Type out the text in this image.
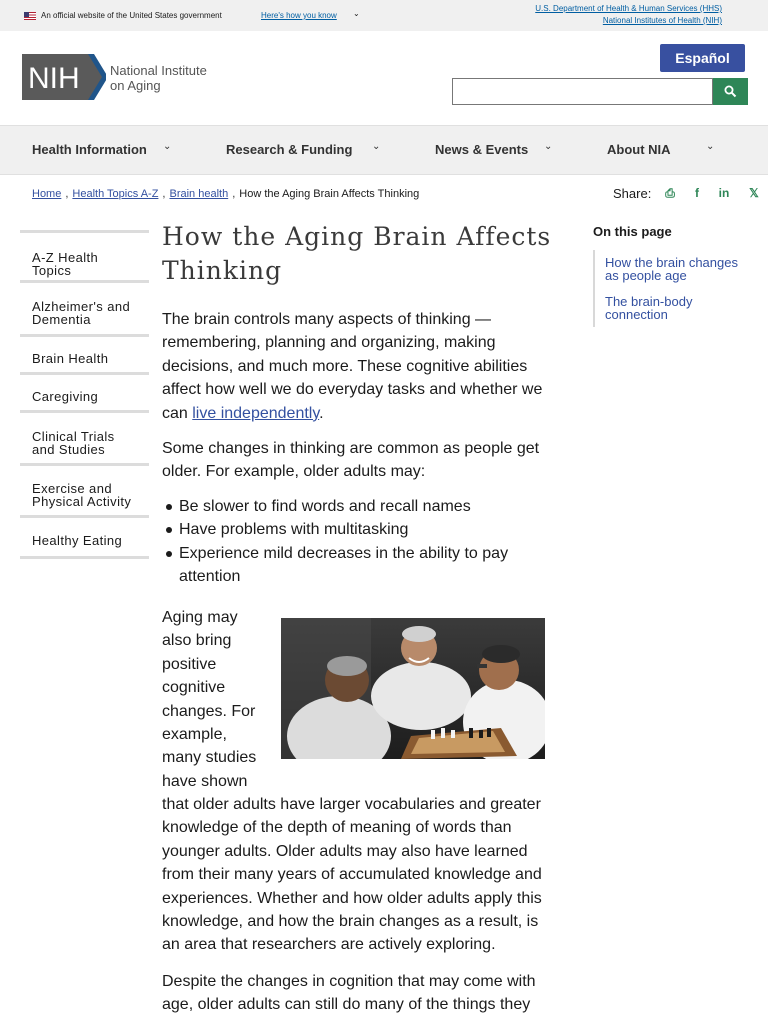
An official website of the United States government	Here's how you know ⌄
U.S. Department of Health & Human Services (HHS)
National Institutes of Health (NIH)
NIH National Institute
on Aging
Español
Health Information ⌄	Research & Funding ⌄	News & Events ⌄	About NIA	⌄
Home , Health Topics A-Z , Brain health , How the Aging Brain Affects Thinking	Share: ⎙	f	in 𝕏
A-Z Health
Topics
Alzheimer's and
Dementia
Brain Health
Caregiving
Clinical Trials
and Studies
Exercise and
Physical Activity
Healthy Eating
How the Aging Brain Affects
Thinking
The brain controls many aspects of thinking —
remembering, planning and organizing, making
decisions, and much more. These cognitive abilities
affect how well we do everyday tasks and whether we
can live independently.
Some changes in thinking are common as people get
older. For example, older adults may:
Be slower to find words and recall names
Have problems with multitasking
Experience mild decreases in the ability to pay
attention
Aging may
also bring
positive
cognitive
changes. For
example,
many studies
have shown
that older adults have larger vocabularies and greater
knowledge of the depth of meaning of words than
younger adults. Older adults may also have learned
from their many years of accumulated knowledge and
experiences. Whether and how older adults apply this
knowledge, and how the brain changes as a result, is
an area that researchers are actively exploring.
Despite the changes in cognition that may come with
age, older adults can still do many of the things they
On this page
How the brain changes
as people age
The brain-body
connection
